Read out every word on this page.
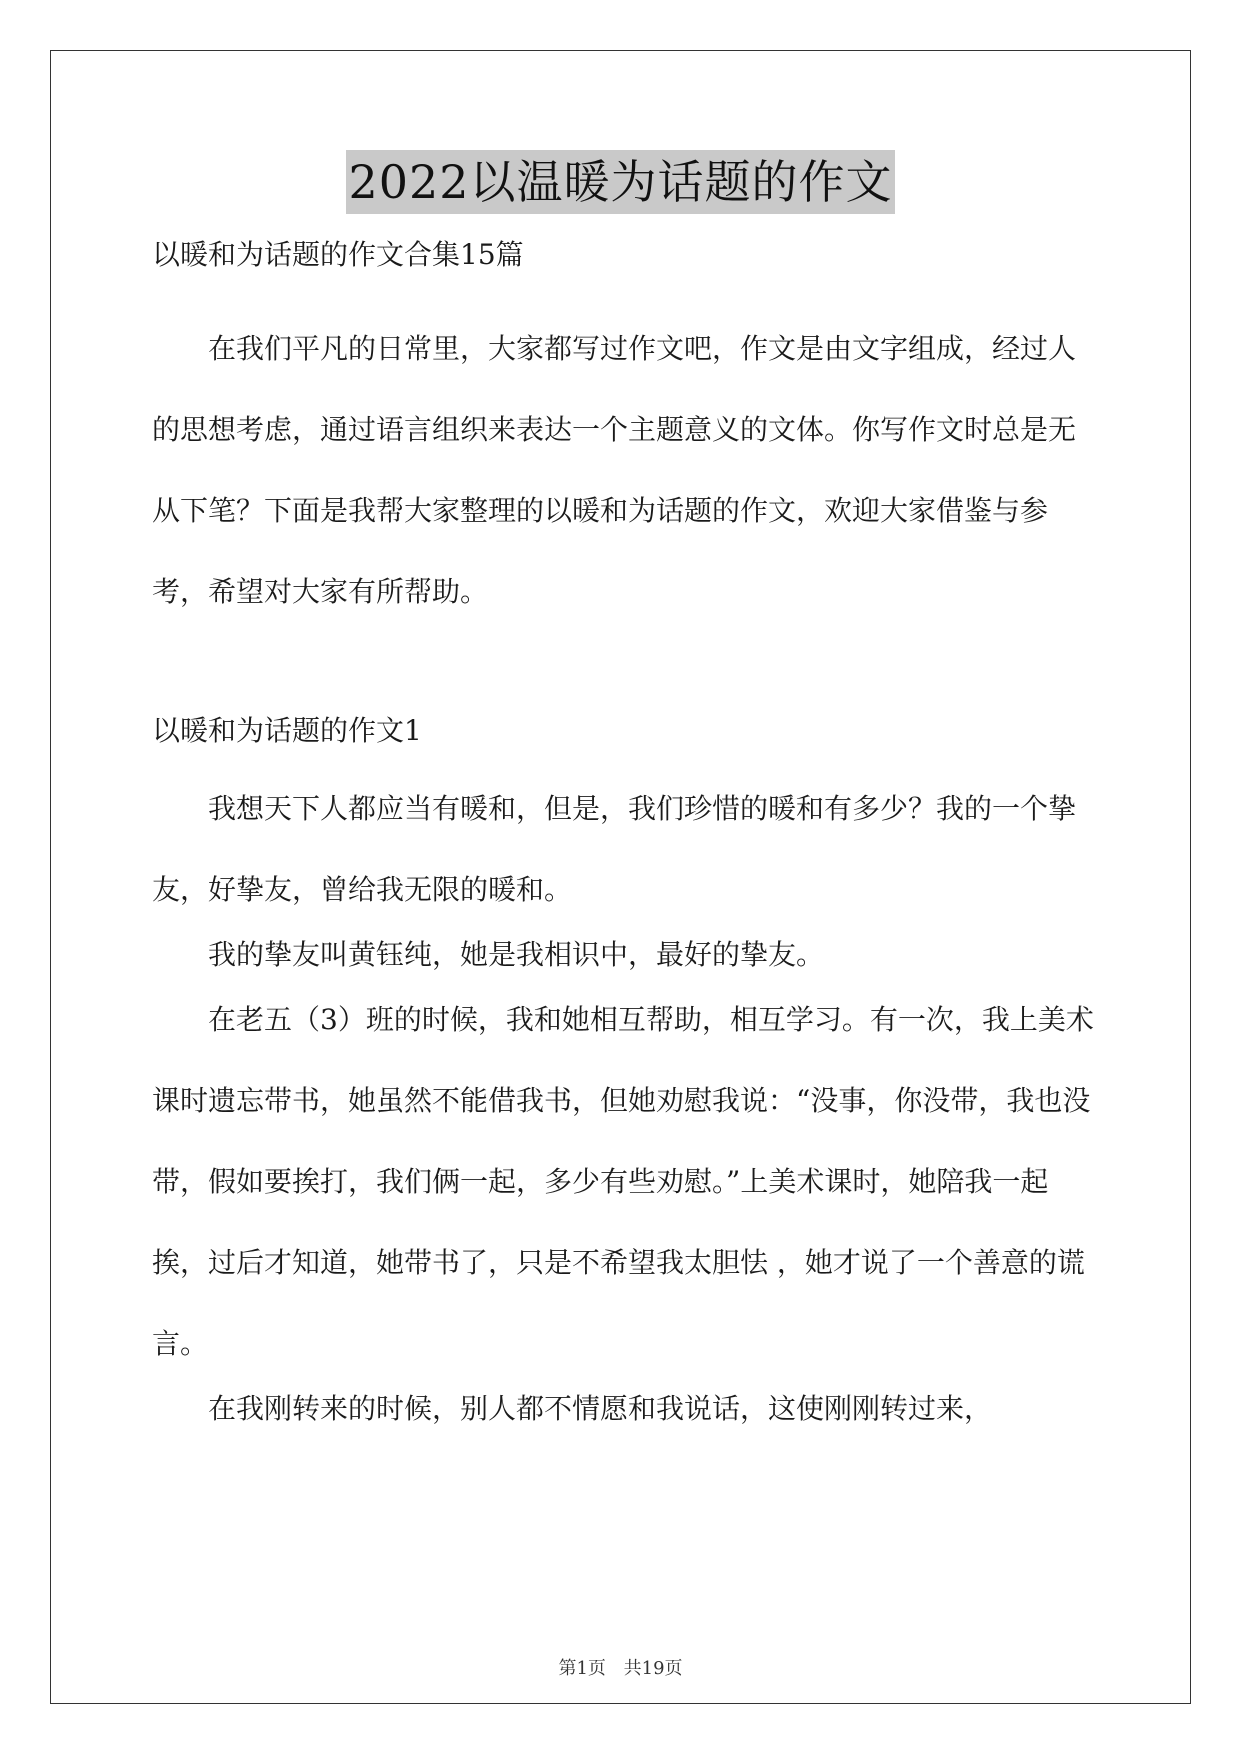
2022以温暖为话题的作文

以暖和为话题的作文合集15篇

在我们平凡的日常里，大家都写过作文吧，作文是由文字组成，经过人的思想考虑，通过语言组织来表达一个主题意义的文体。你写作文时总是无从下笔？下面是我帮大家整理的以暖和为话题的作文，欢迎大家借鉴与参考，希望对大家有所帮助。

以暖和为话题的作文1

我想天下人都应当有暖和，但是，我们珍惜的暖和有多少？我的一个挚友，好挚友，曾给我无限的暖和。

我的挚友叫黄钰纯，她是我相识中，最好的挚友。

在老五（3）班的时候，我和她相互帮助，相互学习。有一次，我上美术课时遗忘带书，她虽然不能借我书，但她劝慰我说：“没事，你没带，我也没带，假如要挨打，我们俩一起，多少有些劝慰。”上美术课时，她陪我一起挨，过后才知道，她带书了，只是不希望我太胆怯 ，她才说了一个善意的谎言。

在我刚转来的时候，别人都不情愿和我说话，这使刚刚转过来，

第1页 共19页
